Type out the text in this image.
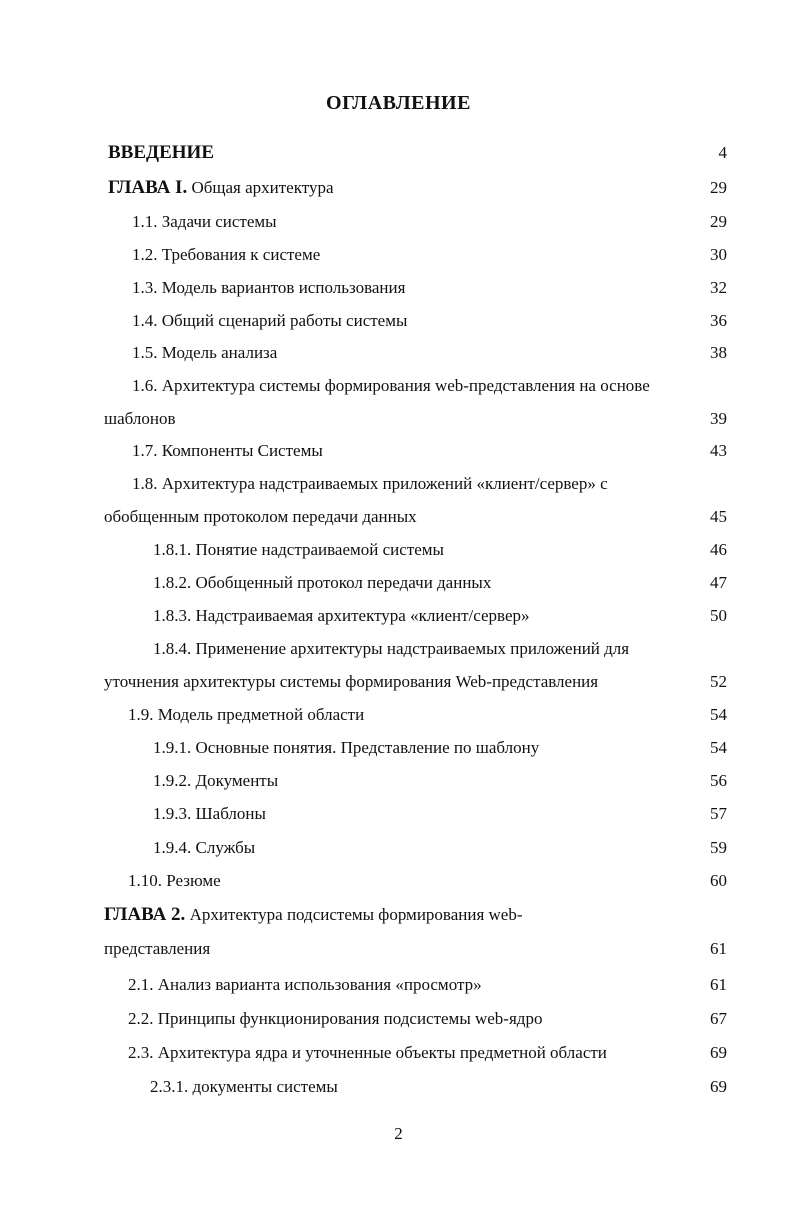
ОГЛАВЛЕНИЕ
ВВЕДЕНИЕ	4
ГЛАВА I. Общая архитектура	29
1.1. Задачи системы	29
1.2. Требования к системе	30
1.3. Модель вариантов использования	32
1.4. Общий сценарий работы системы	36
1.5. Модель анализа	38
1.6. Архитектура системы формирования web-представления на основе
шаблонов	39
1.7. Компоненты Системы	43
1.8. Архитектура надстраиваемых приложений «клиент/сервер» с
обобщенным протоколом передачи данных	45
1.8.1. Понятие надстраиваемой системы	46
1.8.2. Обобщенный протокол передачи данных	47
1.8.3. Надстраиваемая архитектура «клиент/сервер»	50
1.8.4. Применение архитектуры надстраиваемых приложений для
уточнения архитектуры системы формирования Web-представления	52
1.9. Модель предметной области	54
1.9.1. Основные понятия. Представление по шаблону	54
1.9.2. Документы	56
1.9.3. Шаблоны	57
1.9.4. Службы	59
1.10. Резюме	60
ГЛАВА 2. Архитектура подсистемы формирования web-
представления	61
2.1. Анализ варианта использования «просмотр»	61
2.2. Принципы функционирования подсистемы web-ядро	67
2.3. Архитектура ядра и уточненные объекты предметной области	69
2.3.1. документы системы	69
2
